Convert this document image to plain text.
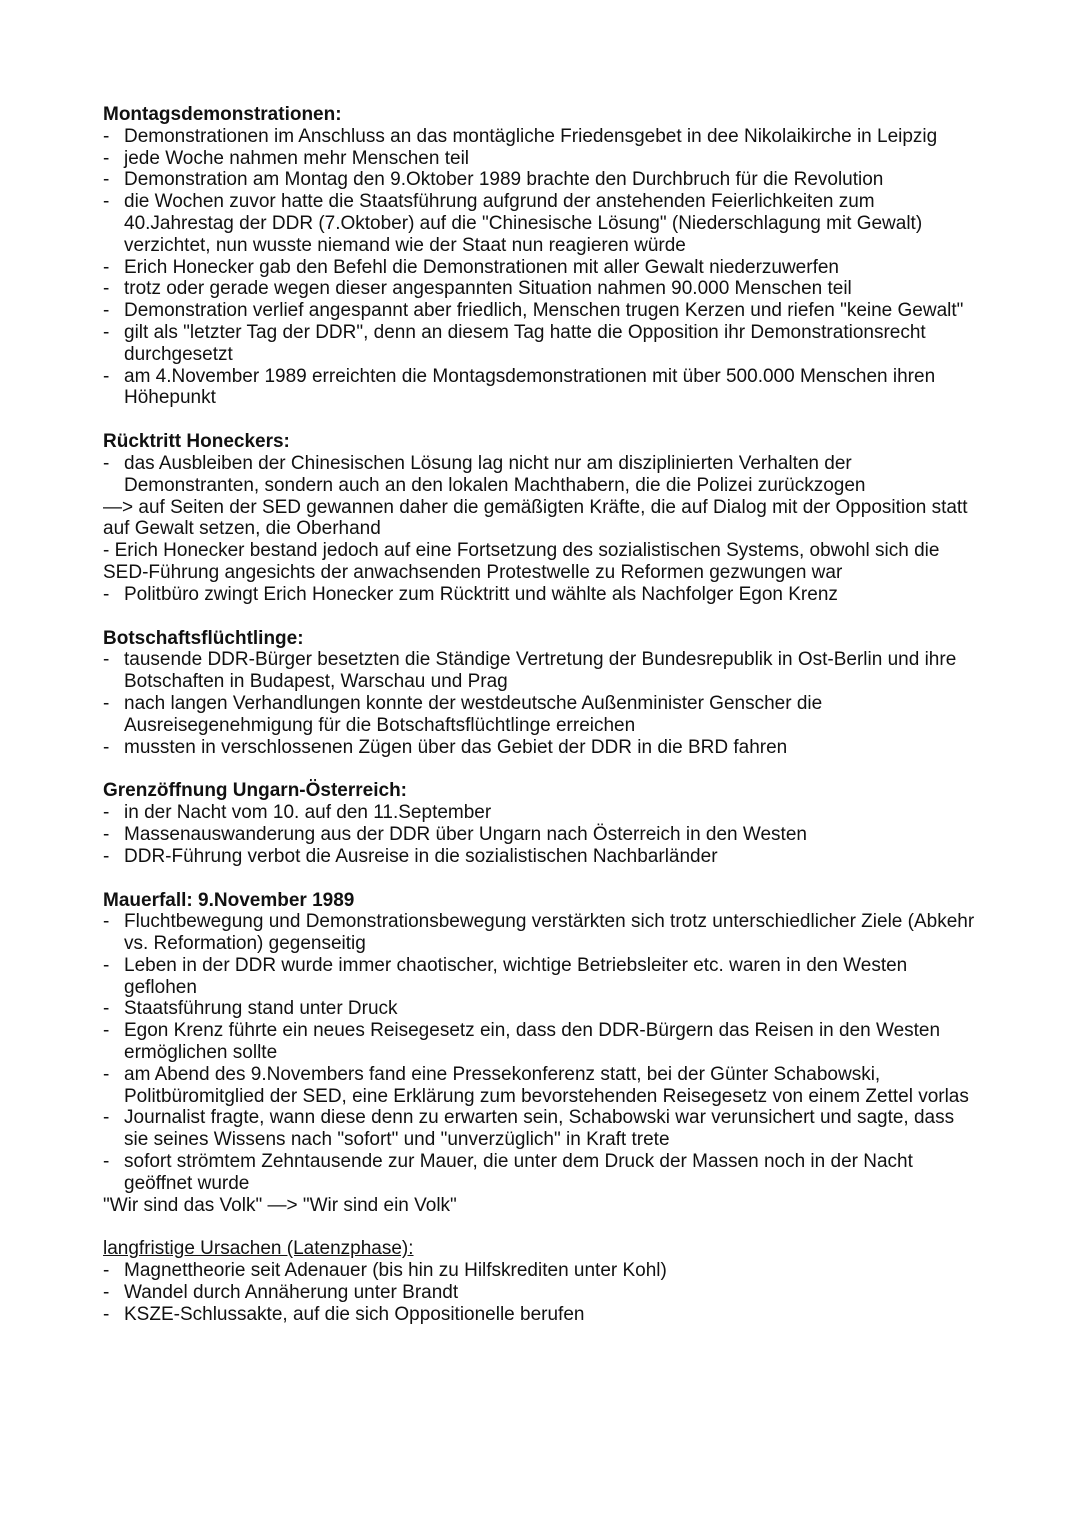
Montagsdemonstrationen:
- Demonstrationen im Anschluss an das montägliche Friedensgebet in dee Nikolaikirche in Leipzig
- jede Woche nahmen mehr Menschen teil
- Demonstration am Montag den 9.Oktober 1989 brachte den Durchbruch für die Revolution
- die Wochen zuvor hatte die Staatsführung aufgrund der anstehenden Feierlichkeiten zum 40.Jahrestag der DDR (7.Oktober) auf die "Chinesische Lösung" (Niederschlagung mit Gewalt) verzichtet, nun wusste niemand wie der Staat nun reagieren würde
- Erich Honecker gab den Befehl die Demonstrationen mit aller Gewalt niederzuwerfen
- trotz oder gerade wegen dieser angespannten Situation nahmen 90.000 Menschen teil
- Demonstration verlief angespannt aber friedlich, Menschen trugen Kerzen und riefen "keine Gewalt"
- gilt als "letzter Tag der DDR", denn an diesem Tag hatte die Opposition ihr Demonstrationsrecht durchgesetzt
- am 4.November 1989 erreichten die Montagsdemonstrationen mit über 500.000 Menschen ihren Höhepunkt
Rücktritt Honeckers:
- das Ausbleiben der Chinesischen Lösung lag nicht nur am disziplinierten Verhalten der Demonstranten, sondern auch an den lokalen Machthabern, die die Polizei zurückzogen
—> auf Seiten der SED gewannen daher die gemäßigten Kräfte, die auf Dialog mit der Opposition statt auf Gewalt setzen, die Oberhand
- Erich Honecker bestand jedoch auf eine Fortsetzung des sozialistischen Systems, obwohl sich die SED-Führung angesichts der anwachsenden Protestwelle zu Reformen gezwungen war
- Politbüro zwingt Erich Honecker zum Rücktritt und wählte als Nachfolger Egon Krenz
Botschaftsflüchtlinge:
- tausende DDR-Bürger besetzten die Ständige Vertretung der Bundesrepublik in Ost-Berlin und ihre Botschaften in Budapest, Warschau und Prag
- nach langen Verhandlungen konnte der westdeutsche Außenminister Genscher die Ausreisegenehmigung für die Botschaftsflüchtlinge erreichen
- mussten in verschlossenen Zügen über das Gebiet der DDR in die BRD fahren
Grenzöffnung Ungarn-Österreich:
- in der Nacht vom 10. auf den 11.September
- Massenauswanderung aus der DDR über Ungarn nach Österreich in den Westen
- DDR-Führung verbot die Ausreise in die sozialistischen Nachbarländer
Mauerfall: 9.November 1989
- Fluchtbewegung und Demonstrationsbewegung verstärkten sich trotz unterschiedlicher Ziele (Abkehr vs. Reformation) gegenseitig
- Leben in der DDR wurde immer chaotischer, wichtige Betriebsleiter etc. waren in den Westen geflohen
- Staatsführung stand unter Druck
- Egon Krenz führte ein neues Reisegesetz ein, dass den DDR-Bürgern das Reisen in den Westen ermöglichen sollte
- am Abend des 9.Novembers fand eine Pressekonferenz statt, bei der Günter Schabowski, Politbüromitglied der SED, eine Erklärung zum bevorstehenden Reisegesetz von einem Zettel vorlas
- Journalist fragte, wann diese denn zu erwarten sein, Schabowski war verunsichert und sagte, dass sie seines Wissens nach "sofort" und "unverzüglich" in Kraft trete
- sofort strömtem Zehntausende zur Mauer, die unter dem Druck der Massen noch in der Nacht geöffnet wurde
"Wir sind das Volk" —> "Wir sind ein Volk"
langfristige Ursachen (Latenzphase):
- Magnettheorie seit Adenauer (bis hin zu Hilfskrediten unter Kohl)
- Wandel durch Annäherung unter Brandt
- KSZE-Schlussakte, auf die sich Oppositionelle berufen
